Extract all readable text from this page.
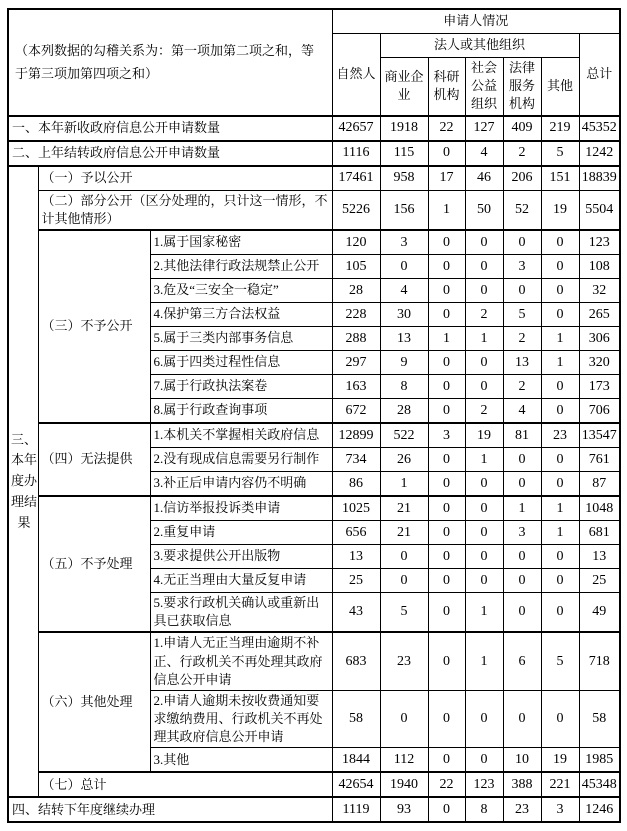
（本列数据的勾稽关系为：第一项加第二项之和，等于第三项加第四项之和）			申请人情况						
			自然人	法人或其他组织					总计
				商业企业	科研机构	社会公益组织	法律服务机构	其他	
一、本年新收政府信息公开申请数量			42657	1918	22	127	409	219	45352
二、上年结转政府信息公开申请数量			1116	115	0	4	2	5	1242

三、本年度办理结果	（一）予以公开		17461	958	17	46	206	151	18839
	（二）部分公开（区分处理的，只计这一情形，不计其他情形）		5226	156	1	50	52	19	5504
	（三）不予公开	1.属于国家秘密	120	3	0	0	0	0	123
		2.其他法律行政法规禁止公开	105	0	0	0	3	0	108
		3.危及“三安全一稳定”	28	4	0	0	0	0	32
		4.保护第三方合法权益	228	30	0	2	5	0	265
		5.属于三类内部事务信息	288	13	1	1	2	1	306
		6.属于四类过程性信息	297	9	0	0	13	1	320
		7.属于行政执法案卷	163	8	0	0	2	0	173
		8.属于行政查询事项	672	28	0	2	4	0	706
	（四）无法提供	1.本机关不掌握相关政府信息	12899	522	3	19	81	23	13547
		2.没有现成信息需要另行制作	734	26	0	1	0	0	761
		3.补正后申请内容仍不明确	86	1	0	0	0	0	87
	（五）不予处理	1.信访举报投诉类申请	1025	21	0	0	1	1	1048
		2.重复申请	656	21	0	0	3	1	681
		3.要求提供公开出版物	13	0	0	0	0	0	13
		4.无正当理由大量反复申请	25	0	0	0	0	0	25
		5.要求行政机关确认或重新出具已获取信息	43	5	0	1	0	0	49
	（六）其他处理	1.申请人无正当理由逾期不补正、行政机关不再处理其政府信息公开申请	683	23	0	1	6	5	718
		2.申请人逾期未按收费通知要求缴纳费用、行政机关不再处理其政府信息公开申请	58	0	0	0	0	0	58
		3.其他	1844	112	0	0	10	19	1985
	（七）总计		42654	1940	22	123	388	221	45348
四、结转下年度继续办理			1119	93	0	8	23	3	1246
